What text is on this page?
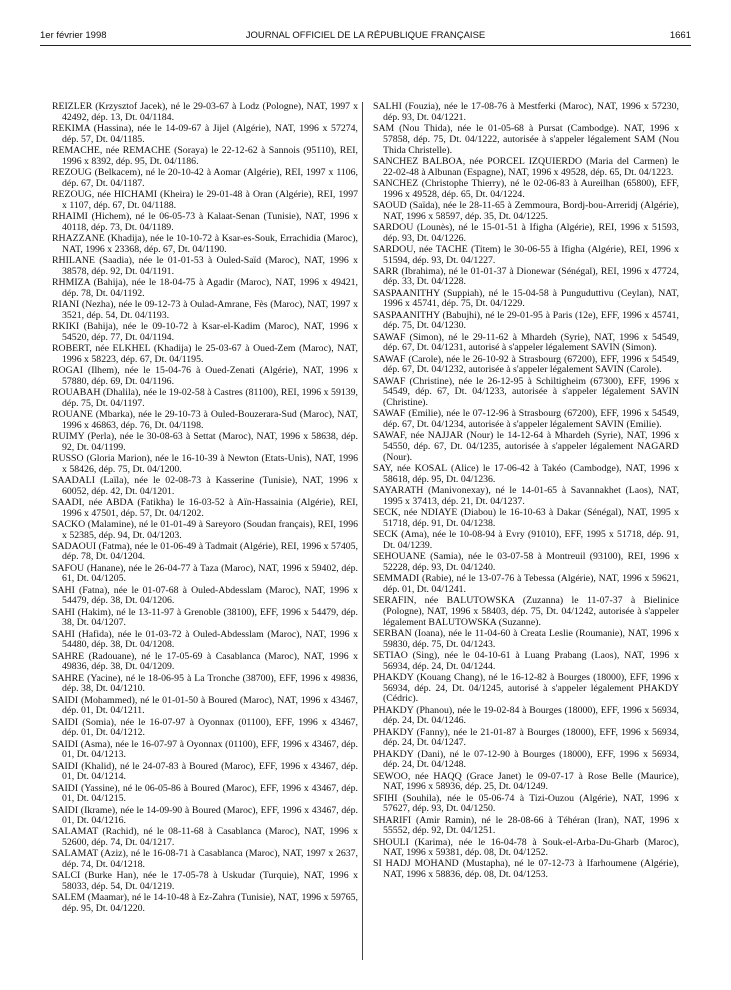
1er février 1998	JOURNAL OFFICIEL DE LA RÉPUBLIQUE FRANÇAISE	1661

REIZLER (Krzysztof Jacek), né le 29-03-67 à Lodz (Pologne), NAT, 1997 x 42492, dép. 13, Dt. 04/1184.

REKIMA (Hassina), née le 14-09-67 à Jijel (Algérie), NAT, 1996 x 57274, dép. 57, Dt. 04/1185.

REMACHE, née REMACHE (Soraya) le 22-12-62 à Sannois (95110), REI, 1996 x 8392, dép. 95, Dt. 04/1186.

REZOUG (Belkacem), né le 20-10-42 à Aomar (Algérie), REI, 1997 x 1106, dép. 67, Dt. 04/1187.

REZOUG, née HICHAMI (Kheira) le 29-01-48 à Oran (Algérie), REI, 1997 x 1107, dép. 67, Dt. 04/1188.

RHAIMI (Hichem), né le 06-05-73 à Kalaat-Senan (Tunisie), NAT, 1996 x 40118, dép. 73, Dt. 04/1189.

RHAZZANE (Khadija), née le 10-10-72 à Ksar-es-Souk, Errachidia (Maroc), NAT, 1996 x 23368, dép. 67, Dt. 04/1190.

RHILANE (Saadia), née le 01-01-53 à Ouled-Saïd (Maroc), NAT, 1996 x 38578, dép. 92, Dt. 04/1191.

RHMIZA (Bahija), née le 18-04-75 à Agadir (Maroc), NAT, 1996 x 49421, dép. 78, Dt. 04/1192.

RIANI (Nezha), née le 09-12-73 à Oulad-Amrane, Fès (Maroc), NAT, 1997 x 3521, dép. 54, Dt. 04/1193.

RKIKI (Bahija), née le 09-10-72 à Ksar-el-Kadim (Maroc), NAT, 1996 x 54520, dép. 77, Dt. 04/1194.

ROBERT, née ELKHEL (Khadija) le 25-03-67 à Oued-Zem (Maroc), NAT, 1996 x 58223, dép. 67, Dt. 04/1195.

ROGAI (Ilhem), née le 15-04-76 à Oued-Zenati (Algérie), NAT, 1996 x 57880, dép. 69, Dt. 04/1196.

ROUABAH (Dhalila), née le 19-02-58 à Castres (81100), REI, 1996 x 59139, dép. 75, Dt. 04/1197.

ROUANE (Mbarka), née le 29-10-73 à Ouled-Bouzerara-Sud (Maroc), NAT, 1996 x 46863, dép. 76, Dt. 04/1198.

RUIMY (Perla), née le 30-08-63 à Settat (Maroc), NAT, 1996 x 58638, dép. 92, Dt. 04/1199.

RUSSO (Gloria Marion), née le 16-10-39 à Newton (Etats-Unis), NAT, 1996 x 58426, dép. 75, Dt. 04/1200.

SAADALI (Laïla), née le 02-08-73 à Kasserine (Tunisie), NAT, 1996 x 60052, dép. 42, Dt. 04/1201.

SAADI, née ABDA (Fatikha) le 16-03-52 à Aïn-Hassainia (Algérie), REI, 1996 x 47501, dép. 57, Dt. 04/1202.

SACKO (Malamine), né le 01-01-49 à Sareyoro (Soudan français), REI, 1996 x 52385, dép. 94, Dt. 04/1203.

SADAOUI (Fatma), née le 01-06-49 à Tadmait (Algérie), REI, 1996 x 57405, dép. 78, Dt. 04/1204.

SAFOU (Hanane), née le 26-04-77 à Taza (Maroc), NAT, 1996 x 59402, dép. 61, Dt. 04/1205.

SAHI (Fatna), née le 01-07-68 à Ouled-Abdesslam (Maroc), NAT, 1996 x 54479, dép. 38, Dt. 04/1206.

SAHI (Hakim), né le 13-11-97 à Grenoble (38100), EFF, 1996 x 54479, dép. 38, Dt. 04/1207.

SAHI (Hafida), née le 01-03-72 à Ouled-Abdesslam (Maroc), NAT, 1996 x 54480, dép. 38, Dt. 04/1208.

SAHRE (Radouane), né le 17-05-69 à Casablanca (Maroc), NAT, 1996 x 49836, dép. 38, Dt. 04/1209.

SAHRE (Yacine), né le 18-06-95 à La Tronche (38700), EFF, 1996 x 49836, dép. 38, Dt. 04/1210.

SAIDI (Mohammed), né le 01-01-50 à Boured (Maroc), NAT, 1996 x 43467, dép. 01, Dt. 04/1211.

SAIDI (Somia), née le 16-07-97 à Oyonnax (01100), EFF, 1996 x 43467, dép. 01, Dt. 04/1212.

SAIDI (Asma), née le 16-07-97 à Oyonnax (01100), EFF, 1996 x 43467, dép. 01, Dt. 04/1213.

SAIDI (Khalid), né le 24-07-83 à Boured (Maroc), EFF, 1996 x 43467, dép. 01, Dt. 04/1214.

SAIDI (Yassine), né le 06-05-86 à Boured (Maroc), EFF, 1996 x 43467, dép. 01, Dt. 04/1215.

SAIDI (Ikrame), née le 14-09-90 à Boured (Maroc), EFF, 1996 x 43467, dép. 01, Dt. 04/1216.

SALAMAT (Rachid), né le 08-11-68 à Casablanca (Maroc), NAT, 1996 x 52600, dép. 74, Dt. 04/1217.

SALAMAT (Aziz), né le 16-08-71 à Casablanca (Maroc), NAT, 1997 x 2637, dép. 74, Dt. 04/1218.

SALCI (Burke Han), née le 17-05-78 à Uskudar (Turquie), NAT, 1996 x 58033, dép. 54, Dt. 04/1219.

SALEM (Maamar), né le 14-10-48 à Ez-Zahra (Tunisie), NAT, 1996 x 59765, dép. 95, Dt. 04/1220.

SALHI (Fouzia), née le 17-08-76 à Mestferki (Maroc), NAT, 1996 x 57230, dép. 93, Dt. 04/1221.

SAM (Nou Thida), née le 01-05-68 à Pursat (Cambodge). NAT, 1996 x 57858, dép. 75, Dt. 04/1222, autorisée à s'appeler légalement SAM (Nou Thida Christelle).

SANCHEZ BALBOA, née PORCEL IZQUIERDO (Maria del Carmen) le 22-02-48 à Albunan (Espagne), NAT, 1996 x 49528, dép. 65, Dt. 04/1223.

SANCHEZ (Christophe Thierry), né le 02-06-83 à Aureilhan (65800), EFF, 1996 x 49528, dép. 65, Dt. 04/1224.

SAOUD (Saïda), née le 28-11-65 à Zemmoura, Bordj-bou-Arreridj (Algérie), NAT, 1996 x 58597, dép. 35, Dt. 04/1225.

SARDOU (Lounès), né le 15-01-51 à Ifigha (Algérie), REI, 1996 x 51593, dép. 93, Dt. 04/1226.

SARDOU, née TACHE (Titem) le 30-06-55 à Ifigha (Algérie), REI, 1996 x 51594, dép. 93, Dt. 04/1227.

SARR (Ibrahima), né le 01-01-37 à Dionewar (Sénégal), REI, 1996 x 47724, dép. 33, Dt. 04/1228.

SASPAANITHY (Suppiah), né le 15-04-58 à Punguduttivu (Ceylan), NAT, 1996 x 45741, dép. 75, Dt. 04/1229.

SASPAANITHY (Babujhi), né le 29-01-95 à Paris (12e), EFF, 1996 x 45741, dép. 75, Dt. 04/1230.

SAWAF (Simon), né le 29-11-62 à Mhardeh (Syrie), NAT, 1996 x 54549, dép. 67, Dt. 04/1231, autorisé à s'appeler légalement SAVIN (Simon).

SAWAF (Carole), née le 26-10-92 à Strasbourg (67200), EFF, 1996 x 54549, dép. 67, Dt. 04/1232, autorisée à s'appeler légalement SAVIN (Carole).

SAWAF (Christine), née le 26-12-95 à Schiltigheim (67300), EFF, 1996 x 54549, dép. 67, Dt. 04/1233, autorisée à s'appeler légalement SAVIN (Christine).

SAWAF (Emilie), née le 07-12-96 à Strasbourg (67200), EFF, 1996 x 54549, dép. 67, Dt. 04/1234, autorisée à s'appeler légalement SAVIN (Emilie).

SAWAF, née NAJJAR (Nour) le 14-12-64 à Mhardeh (Syrie), NAT, 1996 x 54550, dép. 67, Dt. 04/1235, autorisée à s'appeler légalement NAGARD (Nour).

SAY, née KOSAL (Alice) le 17-06-42 à Takéo (Cambodge), NAT, 1996 x 58618, dép. 95, Dt. 04/1236.

SAYARATH (Manivonexay), né le 14-01-65 à Savannakhet (Laos), NAT, 1995 x 37413, dép. 21, Dt. 04/1237.

SECK, née NDIAYE (Diabou) le 16-10-63 à Dakar (Sénégal), NAT, 1995 x 51718, dép. 91, Dt. 04/1238.

SECK (Ama), née le 10-08-94 à Evry (91010), EFF, 1995 x 51718, dép. 91, Dt. 04/1239.

SEHOUANE (Samia), née le 03-07-58 à Montreuil (93100), REI, 1996 x 52228, dép. 93, Dt. 04/1240.

SEMMADI (Rabie), né le 13-07-76 à Tebessa (Algérie), NAT, 1996 x 59621, dép. 01, Dt. 04/1241.

SERAFIN, née BALUTOWSKA (Zuzanna) le 11-07-37 à Bielinice (Pologne), NAT, 1996 x 58403, dép. 75, Dt. 04/1242, autorisée à s'appeler légalement BALUTOWSKA (Suzanne).

SERBAN (Ioana), née le 11-04-60 à Creata Leslie (Roumanie), NAT, 1996 x 59830, dép. 75, Dt. 04/1243.

SETIAO (Sing), née le 04-10-61 à Luang Prabang (Laos), NAT, 1996 x 56934, dép. 24, Dt. 04/1244.

PHAKDY (Kouang Chang), né le 16-12-82 à Bourges (18000), EFF, 1996 x 56934, dép. 24, Dt. 04/1245, autorisé à s'appeler légalement PHAKDY (Cédric).

PHAKDY (Phanou), née le 19-02-84 à Bourges (18000), EFF, 1996 x 56934, dép. 24, Dt. 04/1246.

PHAKDY (Fanny), née le 21-01-87 à Bourges (18000), EFF, 1996 x 56934, dép. 24, Dt. 04/1247.

PHAKDY (Dani), né le 07-12-90 à Bourges (18000), EFF, 1996 x 56934, dép. 24, Dt. 04/1248.

SEWOO, née HAQQ (Grace Janet) le 09-07-17 à Rose Belle (Maurice), NAT, 1996 x 58936, dép. 25, Dt. 04/1249.

SFIHI (Souhila), née le 05-06-74 à Tizi-Ouzou (Algérie), NAT, 1996 x 57627, dép. 93, Dt. 04/1250.

SHARIFI (Amir Ramin), né le 28-08-66 à Téhéran (Iran), NAT, 1996 x 55552, dép. 92, Dt. 04/1251.

SHOULI (Karima), née le 16-04-78 à Souk-el-Arba-Du-Gharb (Maroc), NAT, 1996 x 59381, dép. 08, Dt. 04/1252.

SI HADJ MOHAND (Mustapha), né le 07-12-73 à Ifarhoumene (Algérie), NAT, 1996 x 58836, dép. 08, Dt. 04/1253.
